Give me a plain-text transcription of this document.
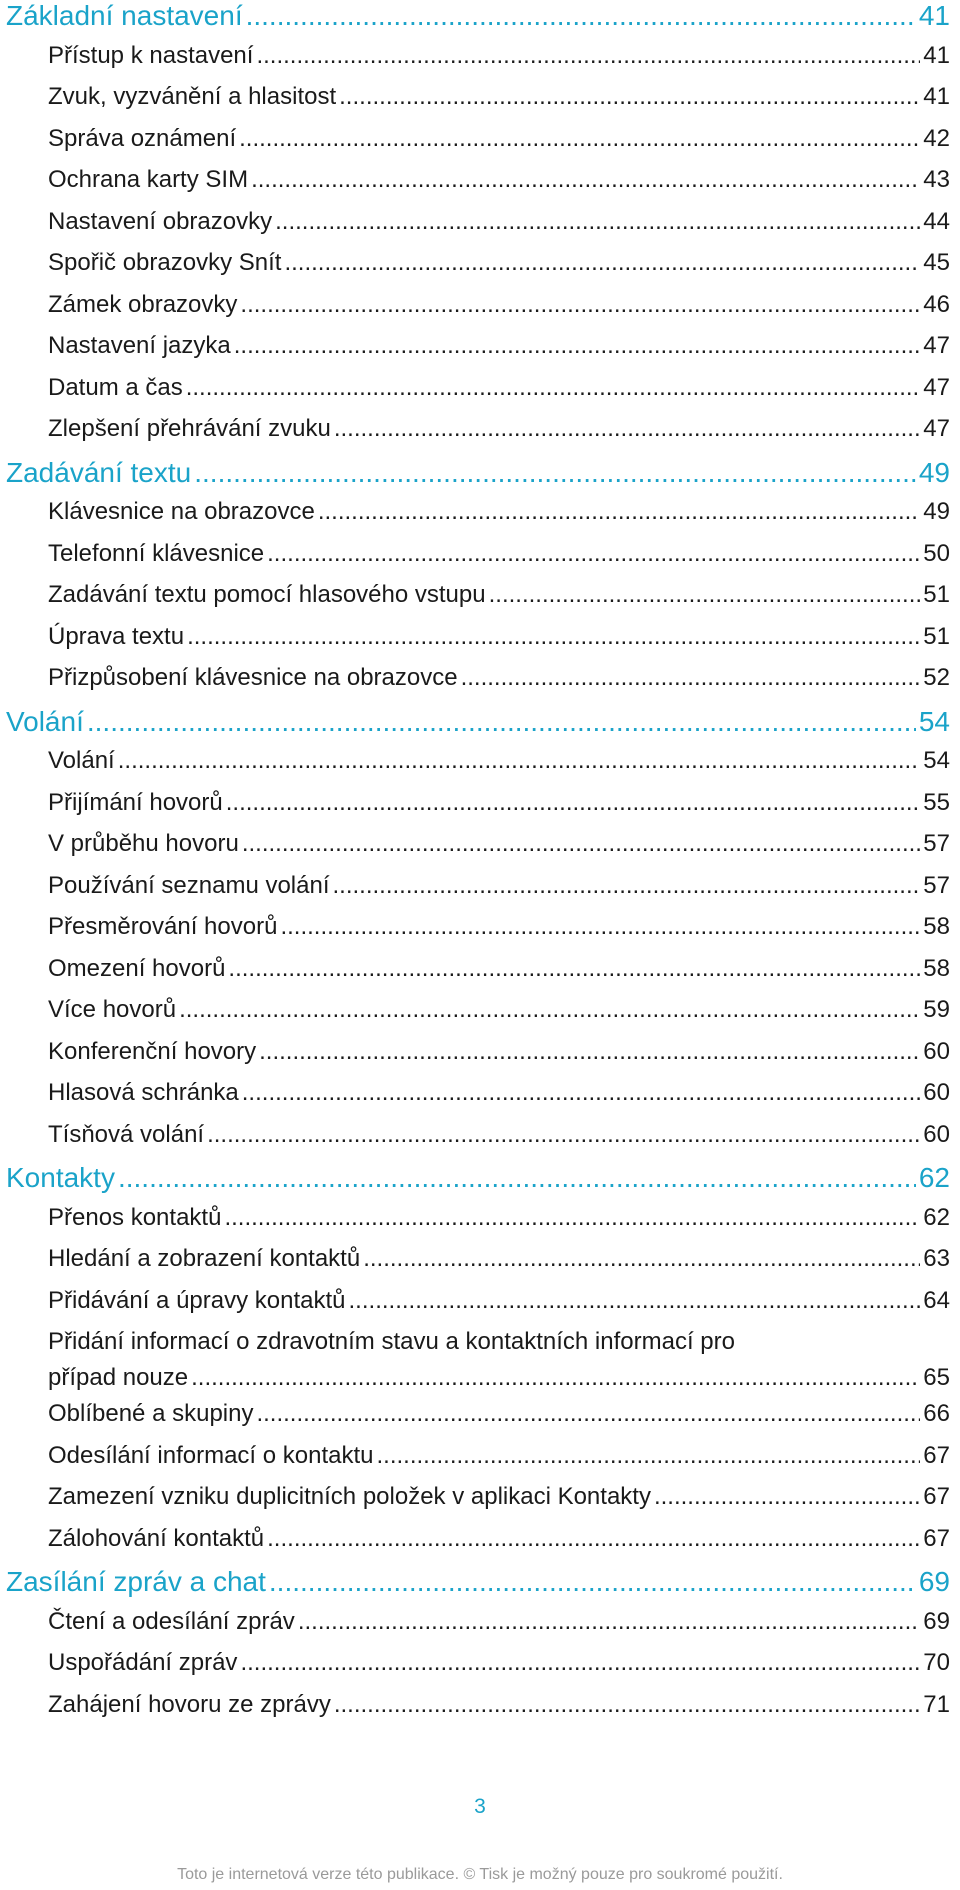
Základní nastavení .....	41
Přístup k nastavení .....	41
Zvuk, vyzvánění a hlasitost .....	41
Správa oznámení .....	42
Ochrana karty SIM .....	43
Nastavení obrazovky .....	44
Spořič obrazovky Snít .....	45
Zámek obrazovky .....	46
Nastavení jazyka .....	47
Datum a čas .....	47
Zlepšení přehrávání zvuku .....	47
Zadávání textu .....	49
Klávesnice na obrazovce .....	49
Telefonní klávesnice .....	50
Zadávání textu pomocí hlasového vstupu .....	51
Úprava textu .....	51
Přizpůsobení klávesnice na obrazovce .....	52
Volání .....	54
Volání .....	54
Přijímání hovorů .....	55
V průběhu hovoru .....	57
Používání seznamu volání .....	57
Přesměrování hovorů .....	58
Omezení hovorů .....	58
Více hovorů .....	59
Konferenční hovory .....	60
Hlasová schránka .....	60
Tísňová volání .....	60
Kontakty .....	62
Přenos kontaktů .....	62
Hledání a zobrazení kontaktů .....	63
Přidávání a úpravy kontaktů .....	64
Přidání informací o zdravotním stavu a kontaktních informací pro
případ nouze .....	65
Oblíbené a skupiny .....	66
Odesílání informací o kontaktu .....	67
Zamezení vzniku duplicitních položek v aplikaci Kontakty .....	67
Zálohování kontaktů .....	67
Zasílání zpráv a chat .....	69
Čtení a odesílání zpráv .....	69
Uspořádání zpráv .....	70
Zahájení hovoru ze zprávy .....	71
3
Toto je internetová verze této publikace. © Tisk je možný pouze pro soukromé použití.
